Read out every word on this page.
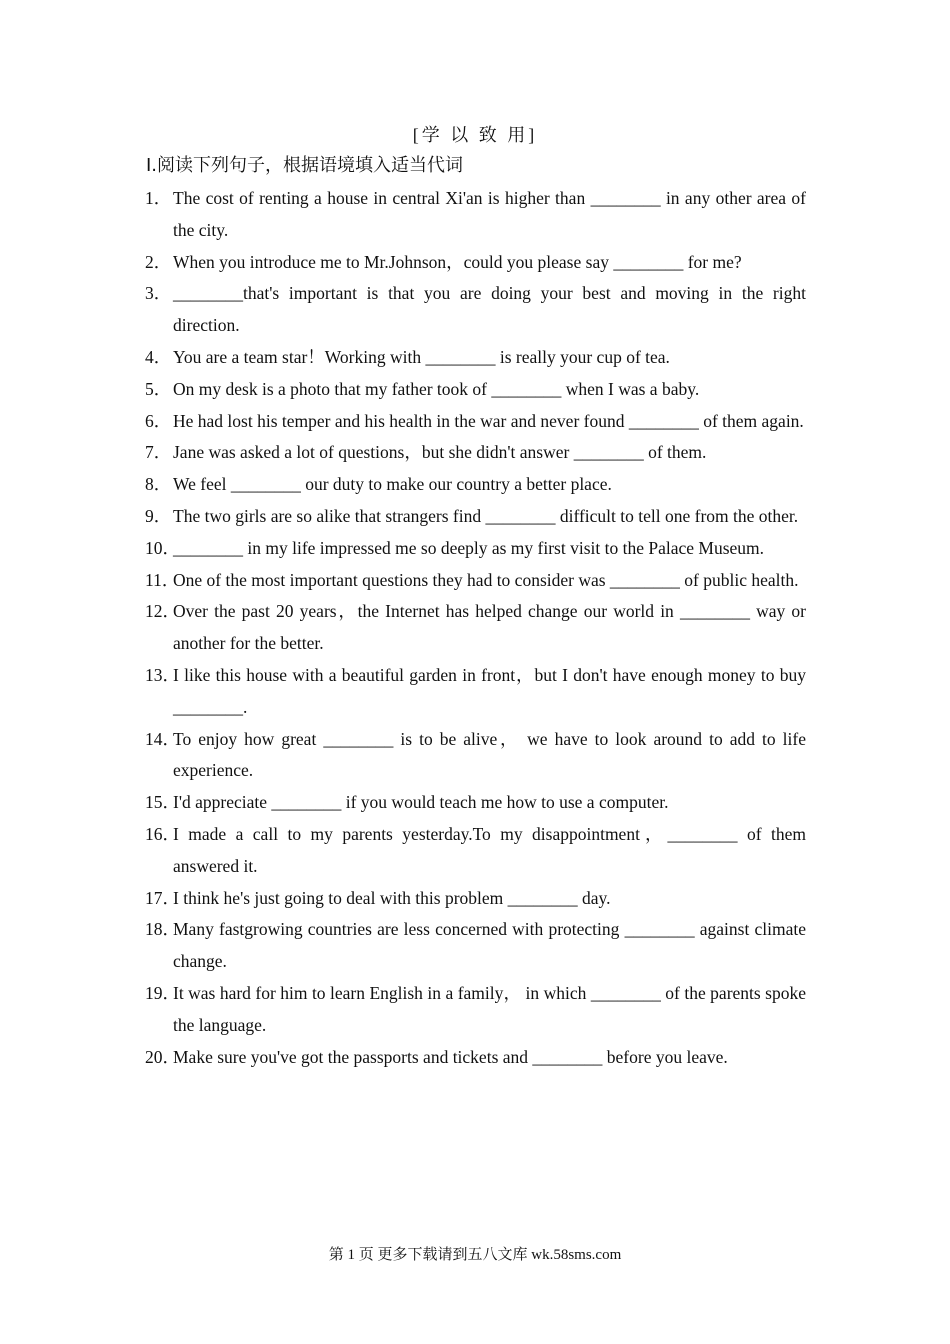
[学 以 致 用]
Ⅰ.阅读下列句子，根据语境填入适当代词
1． The cost of renting a house in central Xi'an is higher than ________ in any other area of the city.
2． When you introduce me to Mr.Johnson，could you please say ________ for me?
3． ________that's important is that you are doing your best and moving in the right direction.
4． You are a team star！Working with ________ is really your cup of tea.
5． On my desk is a photo that my father took of ________ when I was a baby.
6． He had lost his temper and his health in the war and never found ________ of them again.
7． Jane was asked a lot of questions，but she didn't answer ________ of them.
8． We feel ________ our duty to make our country a better place.
9． The two girls are so alike that strangers find ________ difficult to tell one from the other.
10．
________ in my life impressed me so deeply as my first visit to the Palace Museum.
11．
One of the most important questions they had to consider was ________ of public health.
12．
Over the past 20 years，the Internet has helped change our world in ________ way or another for the better.
13．
I like this house with a beautiful garden in front，but I don't have enough money to buy ________.
14．
To enjoy how great ________ is to be alive， we have to look around to add to life experience.
15．
I'd appreciate ________ if you would teach me how to use a computer.
16．
I made a call to my parents yesterday.To my disappointment，________ of them answered it.
17．
I think he's just going to deal with this problem ________ day.
18．
Many fastgrowing countries are less concerned with protecting ________ against climate change.
19．
It was hard for him to learn English in a family， in which ________ of the parents spoke the language.
20．
Make sure you've got the passports and tickets and ________ before you leave.
第 1 页 更多下载请到五八文库 wk.58sms.com
